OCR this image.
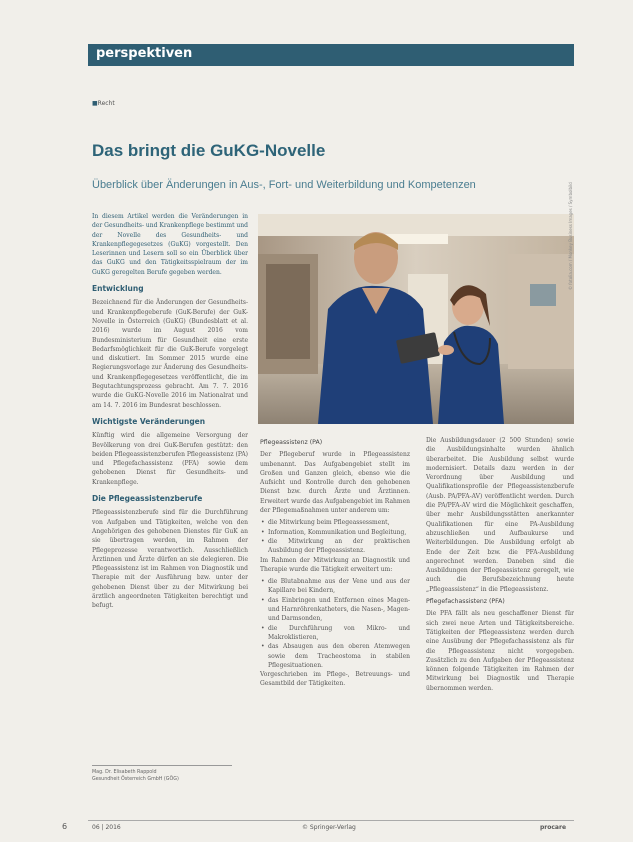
perspektiven
■ Recht
Das bringt die GuKG-Novelle
Überblick über Änderungen in Aus-, Fort- und Weiterbildung und Kompetenzen

In diesem Artikel werden die Veränderungen in der Gesundheits- und Krankenpflege bestimmt und der Novelle des Gesundheits- und Krankenpflegegesetzes (GuKG) vorgestellt. Den Leserinnen und Lesern soll so ein Überblick über das GuKG und den Tätigkeitsspielraum der im GuKG geregelten Berufe gegeben werden.

Entwicklung

Bezeichnend für die Änderungen der Gesundheits- und Krankenpflegeberufe (GuK-Berufe) der GuK-Novelle in Österreich (GuKG) (Bundesblatt et al. 2016) wurde im August 2016 vom Bundesministerium für Gesundheit eine erste Bedarfsmöglichkeit für die GuK-Berufe vorgelegt und diskutiert. Im Sommer 2015 wurde eine Regierungsvorlage zur Änderung des Gesundheits- und Krankenpflegegesetzes veröffentlicht, die im Begutachtungsprozess gebracht. Am 7. 7. 2016 wurde die GuKG-Novelle 2016 im Nationalrat und am 14. 7. 2016 im Bundesrat beschlossen.

Wichtigste Veränderungen

Künftig wird die allgemeine Versorgung der Bevölkerung von drei GuK-Berufen gestützt: den beiden Pflegeassistenzberufen Pflegeassistenz (PA) und Pflegefachassistenz (PFA) sowie dem gehobenen Dienst für Gesundheits- und Krankenpflege.

Die Pflegeassistenzberufe

Pflegeassistenzberufe sind für die Durchführung von Aufgaben und Tätigkeiten, welche von den Angehörigen des gehobenen Dienstes für GuK an sie übertragen werden, im Rahmen der Pflegeprozesse verantwortlich. Ausschließlich Ärztinnen und Ärzte dürfen an sie delegieren. Die Pflegeassistenz ist im Rahmen von Diagnostik und Therapie mit der Ausführung bzw. unter der gehobenen Dienst über zu der Mitwirkung bei ärztlich angeordneten Tätigkeiten berechtigt und befugt.

© fotolia.com / Monkey Business Images / Symbolbild
Pflegeassistenz (PA)

Der Pflegeberuf wurde in Pflegeassistenz umbenannt. Das Aufgabengebiet stellt im Großen und Ganzen gleich, ebenso wie die Aufsicht und Kontrolle durch den gehobenen Dienst bzw. durch Ärzte und Ärztinnen. Erweitert wurde das Aufgabengebiet im Rahmen der Pflegemaßnahmen unter anderem um:

• die Mitwirkung beim Pflegeassessment,
• Information, Kommunikation und Begleitung,
• die Mitwirkung an der praktischen Ausbildung der Pflegeassistenz.

Im Rahmen der Mitwirkung an Diagnostik und Therapie wurde die Tätigkeit erweitert um:

• die Blutabnahme aus der Vene und aus der Kapillare bei Kindern,
• das Einbringen und Entfernen eines Magen- und Harnröhrenkatheters, die Nasen-, Magen- und Darmsonden,
• die Durchführung von Mikro- und Makroklistieren,
• das Absaugen aus den oberen Atemwegen sowie dem Tracheostoma in stabilen Pflegesituationen.

Vorgeschrieben im Pflege-, Betreuungs- und Gesamtbild der Tätigkeiten.

Die Ausbildungsdauer (2 500 Stunden) sowie die Ausbildungsinhalte wurden ähnlich überarbeitet. Die Ausbildung selbst wurde modernisiert. Details dazu werden in der Verordnung über Ausbildung und Qualifikationsprofile der Pflegeassistenzberufe (Ausb. PA/PFA-AV) veröffentlicht werden. Durch die PA/PFA-AV wird die Möglichkeit geschaffen, über mehr Ausbildungsstätten anerkannter Qualifikationen für eine PA-Ausbildung abzuschließen und Aufbaukurse und Weiterbildungen. Die Ausbildung erfolgt ab Ende der Zeit bzw. die PFA-Ausbildung angerechnet werden. Daneben sind die Ausbildungen der Pflegeassistenz geregelt, wie auch die Berufsbezeichnung heute „Pflegeassistenz“ in die Pflegeassistenz.

Pflegefachassistenz (PFA)

Die PFA fällt als neu geschaffener Dienst für sich zwei neue Arten und Tätigkeitsbereiche. Tätigkeiten der Pflegeassistenz werden durch eine Ausübung der Pflegefachassistenz als für die Pflegeassistenz nicht vorgegeben. Zusätzlich zu den Aufgaben der Pflegeassistenz können folgende Tätigkeiten im Rahmen der Mitwirkung bei Diagnostik und Therapie übernommen werden.

Mag. Dr. Elisabeth Rappold
Gesundheit Österreich GmbH (GÖG)
6	06 | 2016	© Springer-Verlag	procare
